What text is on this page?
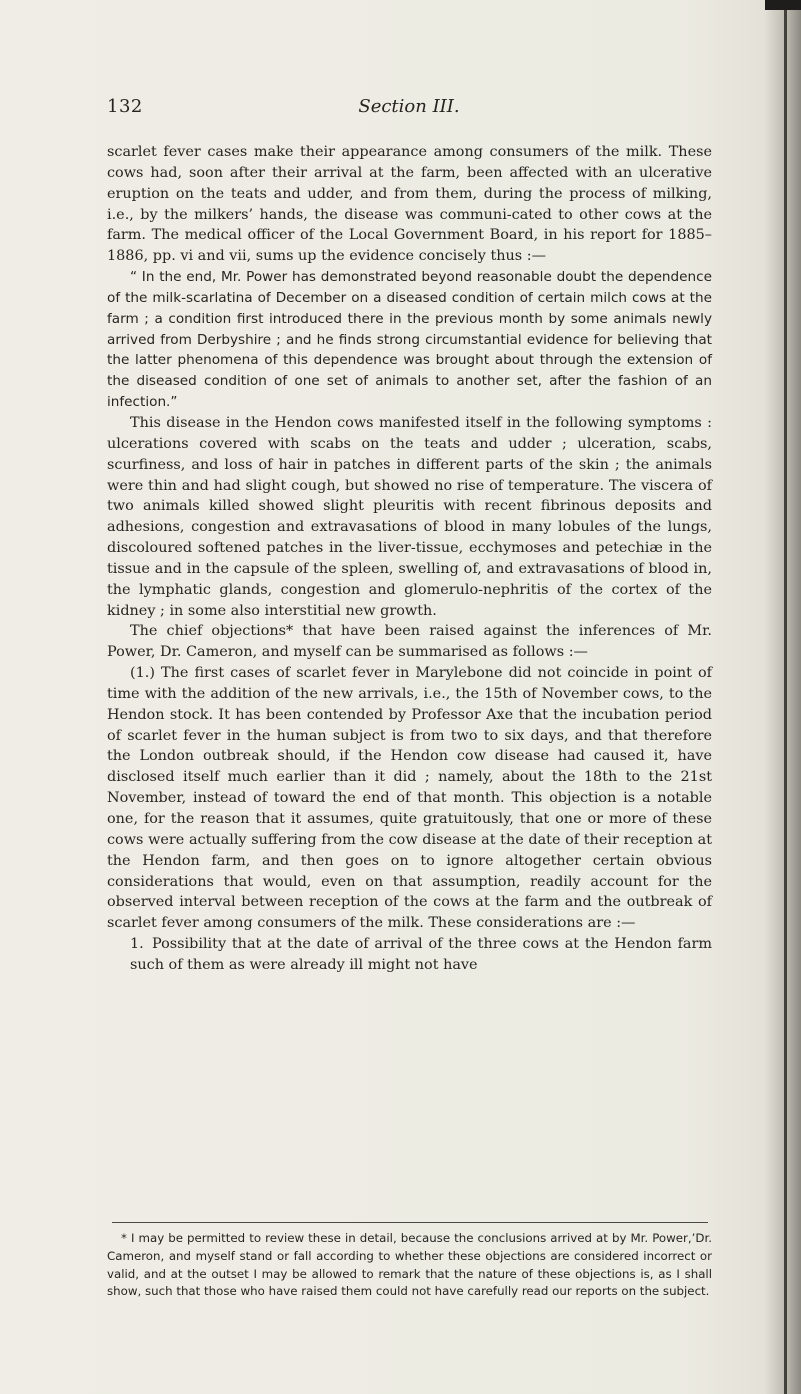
132	Section III.

scarlet fever cases make their appearance among consumers of the milk. These cows had, soon after their arrival at the farm, been affected with an ulcerative eruption on the teats and udder, and from them, during the process of milking, i.e., by the milkers’ hands, the disease was communi-cated to other cows at the farm. The medical officer of the Local Government Board, in his report for 1885–1886, pp. vi and vii, sums up the evidence concisely thus :—

“ In the end, Mr. Power has demonstrated beyond reasonable doubt the dependence of the milk-scarlatina of December on a diseased condition of certain milch cows at the farm ; a condition first introduced there in the previous month by some animals newly arrived from Derbyshire ; and he finds strong circumstantial evidence for believing that the latter phenomena of this dependence was brought about through the extension of the diseased condition of one set of animals to another set, after the fashion of an infection.”

This disease in the Hendon cows manifested itself in the following symptoms : ulcerations covered with scabs on the teats and udder ; ulceration, scabs, scurfiness, and loss of hair in patches in different parts of the skin ; the animals were thin and had slight cough, but showed no rise of temperature. The viscera of two animals killed showed slight pleuritis with recent fibrinous deposits and adhesions, congestion and extravasations of blood in many lobules of the lungs, discoloured softened patches in the liver-tissue, ecchymoses and petechiæ in the tissue and in the capsule of the spleen, swelling of, and extravasations of blood in, the lymphatic glands, congestion and glomerulo-nephritis of the cortex of the kidney ; in some also interstitial new growth.

The chief objections* that have been raised against the inferences of Mr. Power, Dr. Cameron, and myself can be summarised as follows :—

(1.) The first cases of scarlet fever in Marylebone did not coincide in point of time with the addition of the new arrivals, i.e., the 15th of November cows, to the Hendon stock. It has been contended by Professor Axe that the incubation period of scarlet fever in the human subject is from two to six days, and that therefore the London outbreak should, if the Hendon cow disease had caused it, have disclosed itself much earlier than it did ; namely, about the 18th to the 21st November, instead of toward the end of that month. This objection is a notable one, for the reason that it assumes, quite gratuitously, that one or more of these cows were actually suffering from the cow disease at the date of their reception at the Hendon farm, and then goes on to ignore altogether certain obvious considerations that would, even on that assumption, readily account for the observed interval between reception of the cows at the farm and the outbreak of scarlet fever among consumers of the milk. These considerations are :—

1. Possibility that at the date of arrival of the three cows at the Hendon farm such of them as were already ill might not have

* I may be permitted to review these in detail, because the conclusions arrived at by Mr. Power,’Dr. Cameron, and myself stand or fall according to whether these objections are considered incorrect or valid, and at the outset I may be allowed to remark that the nature of these objections is, as I shall show, such that those who have raised them could not have carefully read our reports on the subject.
